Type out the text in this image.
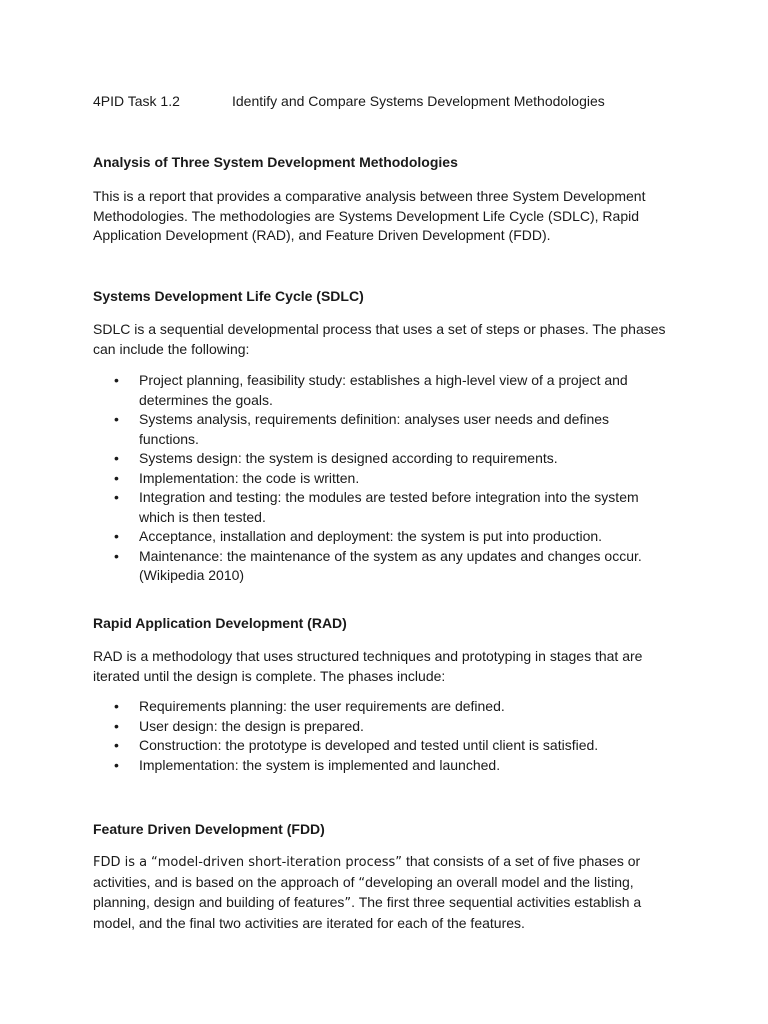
4PID Task 1.2	Identify and Compare Systems Development Methodologies
Analysis of Three System Development Methodologies

This is a report that provides a comparative analysis between three System Development Methodologies. The methodologies are Systems Development Life Cycle (SDLC), Rapid Application Development (RAD), and Feature Driven Development (FDD).

Systems Development Life Cycle (SDLC)

SDLC is a sequential developmental process that uses a set of steps or phases. The phases can include the following:

• Project planning, feasibility study: establishes a high-level view of a project and determines the goals.
• Systems analysis, requirements definition: analyses user needs and defines functions.
• Systems design: the system is designed according to requirements.
• Implementation: the code is written.
• Integration and testing: the modules are tested before integration into the system which is then tested.
• Acceptance, installation and deployment: the system is put into production.
• Maintenance: the maintenance of the system as any updates and changes occur. (Wikipedia 2010)
Rapid Application Development (RAD)

RAD is a methodology that uses structured techniques and prototyping in stages that are iterated until the design is complete. The phases include:

• Requirements planning: the user requirements are defined.
• User design: the design is prepared.
• Construction: the prototype is developed and tested until client is satisfied.
• Implementation: the system is implemented and launched.
Feature Driven Development (FDD)

FDD is a “model-driven short-iteration process” that consists of a set of five phases or activities, and is based on the approach of “developing an overall model and the listing, planning, design and building of features”. The first three sequential activities establish a model, and the final two activities are iterated for each of the features.
